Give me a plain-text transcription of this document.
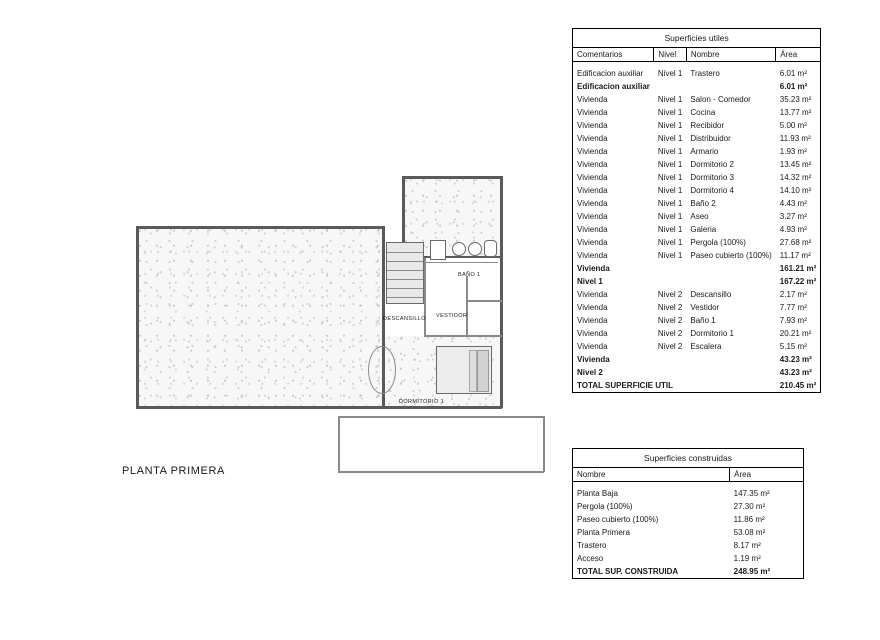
BAÑO 1
VESTIDOR
DESCANSILLO
DORMITORIO 1
PLANTA PRIMERA
Superficies utiles			
Comentarios	Nivel	Nombre	Área

Edificacion auxiliar	Nivel 1	Trastero	6.01 m²
Edificacion auxiliar			6.01 m²
Vivienda	Nivel 1	Salon - Comedor	35.23 m²
Vivienda	Nivel 1	Cocina	13.77 m²
Vivienda	Nivel 1	Recibidor	5.00 m²
Vivienda	Nivel 1	Distribuidor	11.93 m²
Vivienda	Nivel 1	Armario	1.93 m²
Vivienda	Nivel 1	Dormitorio 2	13.45 m²
Vivienda	Nivel 1	Dormitorio 3	14.32 m²
Vivienda	Nivel 1	Dormitorio 4	14.10 m²
Vivienda	Nivel 1	Baño 2	4.43 m²
Vivienda	Nivel 1	Aseo	3.27 m²
Vivienda	Nivel 1	Galeria	4.93 m²
Vivienda	Nivel 1	Pergola (100%)	27.68 m²
Vivienda	Nivel 1	Paseo cubierto (100%)	11.17 m²
Vivienda			161.21 m²
Nivel 1			167.22 m²
Vivienda	Nivel 2	Descansillo	2.17 m²
Vivienda	Nivel 2	Vestidor	7.77 m²
Vivienda	Nivel 2	Baño 1	7.93 m²
Vivienda	Nivel 2	Dormitorio 1	20.21 m²
Vivienda	Nivel 2	Escalera	5.15 m²
Vivienda			43.23 m²
Nivel 2			43.23 m²
TOTAL SUPERFICIE UTIL			210.45 m²
Superficies construidas	
Nombre	Área

Planta Baja	147.35 m²
Pergola (100%)	27.30 m²
Paseo cubierto (100%)	11.86 m²
Planta Primera	53.08 m²
Trastero	8.17 m²
Acceso	1.19 m²
TOTAL SUP. CONSTRUIDA	248.95 m²
